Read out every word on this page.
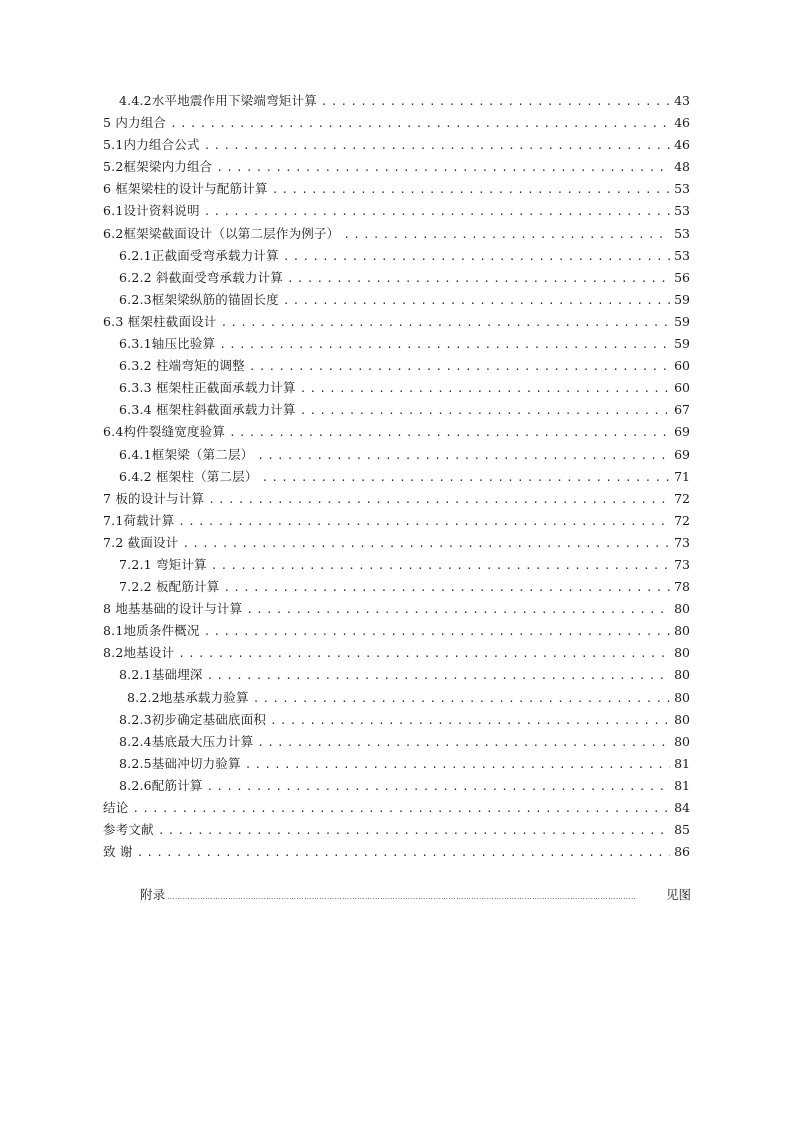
4.4.2水平地震作用下梁端弯矩计算 .....	43
5 内力组合 .....	46
5.1内力组合公式 .....	46
5.2框架梁内力组合 .....	48
6 框架梁柱的设计与配筋计算 .....	53
6.1设计资料说明 .....	53
6.2框架梁截面设计（以第二层作为例子） .....	53
6.2.1正截面受弯承载力计算 .....	53
6.2.2 斜截面受弯承载力计算 .....	56
6.2.3框架梁纵筋的锚固长度 .....	59
6.3 框架柱截面设计 .....	59
6.3.1轴压比验算 .....	59
6.3.2 柱端弯矩的调整 .....	60
6.3.3 框架柱正截面承载力计算 .....	60
6.3.4 框架柱斜截面承载力计算 .....	67
6.4构件裂缝宽度验算 .....	69
6.4.1框架梁（第二层） .....	69
6.4.2 框架柱（第二层） .....	71
7 板的设计与计算 .....	72
7.1荷载计算 .....	72
7.2 截面设计 .....	73
7.2.1 弯矩计算 .....	73
7.2.2 板配筋计算 .....	78
8 地基基础的设计与计算 .....	80
8.1地质条件概况 .....	80
8.2地基设计 .....	80
8.2.1基础埋深 .....	80
8.2.2地基承载力验算 .....	80
8.2.3初步确定基础底面积 .....	80
8.2.4基底最大压力计算 .....	80
8.2.5基础冲切力验算 .....	81
8.2.6配筋计算 .....	81
结论 .....	84
参考文献 .....	85
致 谢 .....	86
附录 ……………………………………………………………………………………………………………………………………………………………………………………………………………………………………	见图
